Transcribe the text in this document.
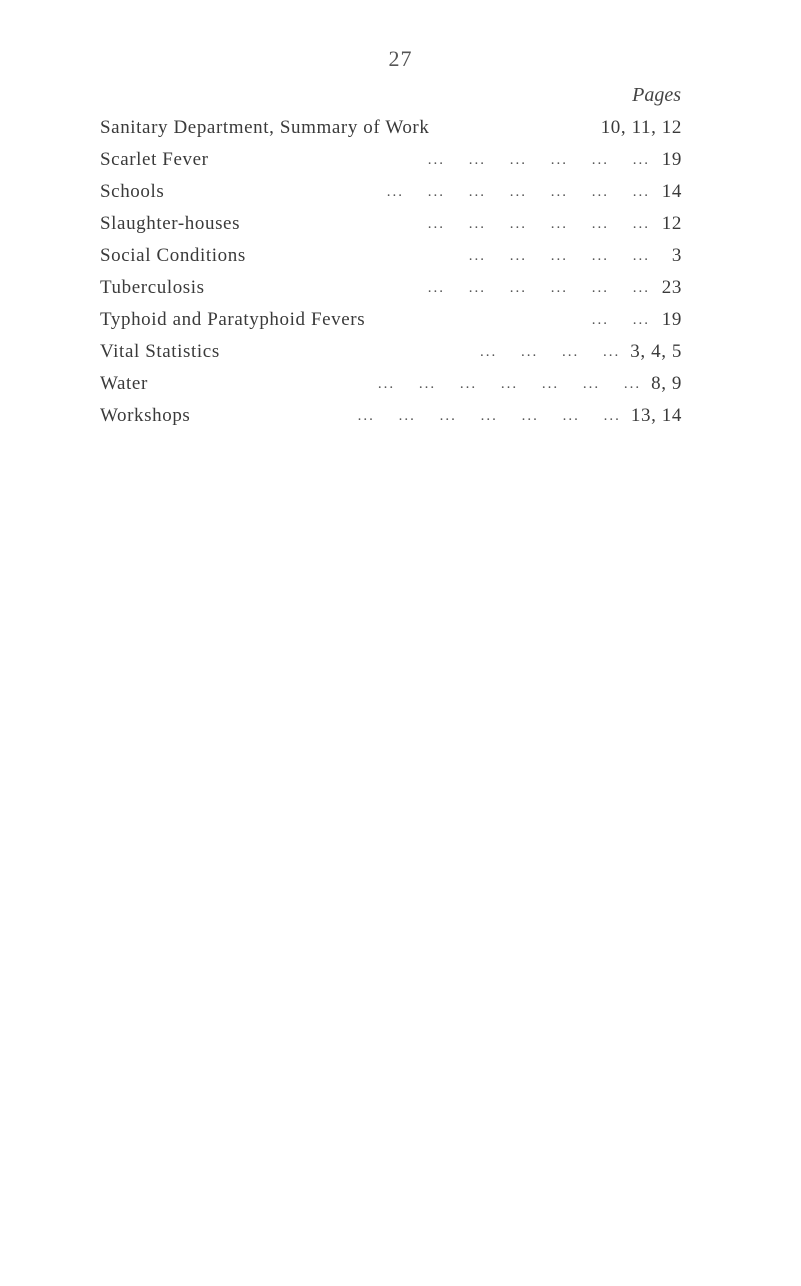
27
Pages
Sanitary Department, Summary of Work	10, 11, 12
Scarlet Fever	... ... ... ... ... ... 19
Schools	... ... ... ... ... ... ... 14
Slaughter-houses	... ... ... ... ... ... 12
Social Conditions	... ... ... ... ...	3
Tuberculosis	... ... ... ... ... ... 23
Typhoid and Paratyphoid Fevers	... ... 19
Vital Statistics	... ... ... ... 3, 4, 5
Water	... ... ... ... ... ... ... 8, 9
Workshops	... ... ... ... ... ... ... 13, 14
